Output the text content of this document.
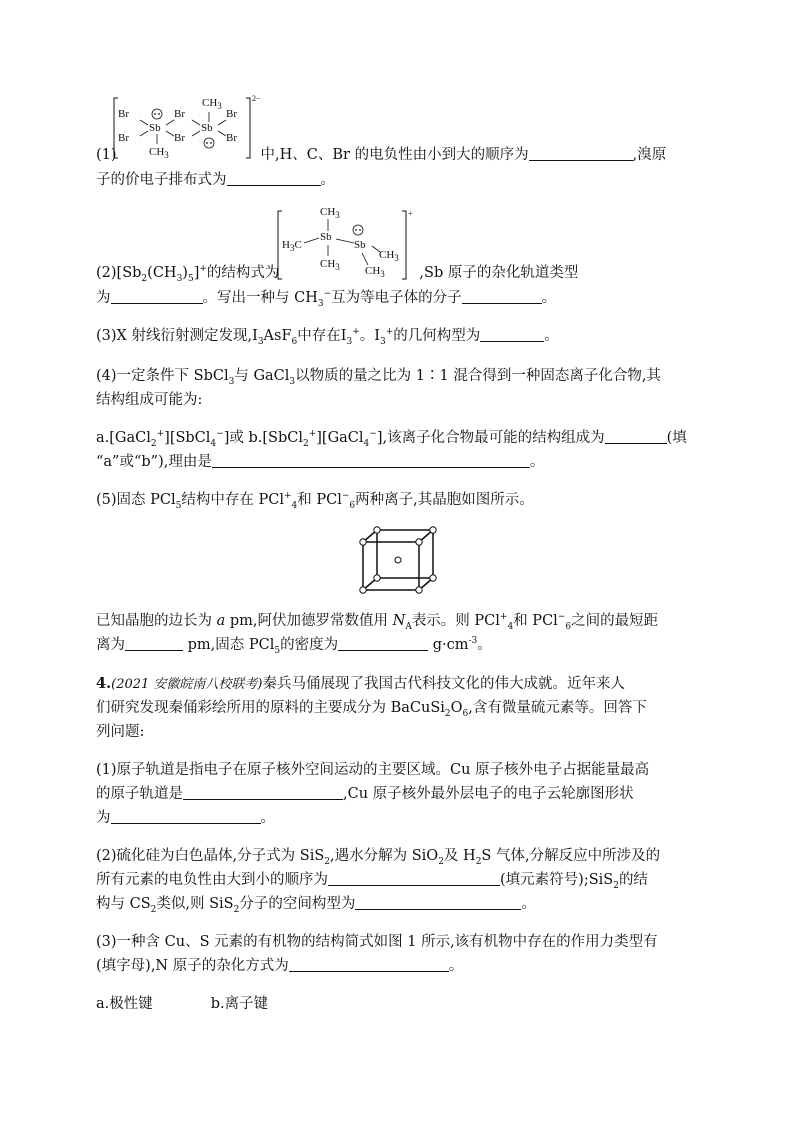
Br
Br
Sb
Br
Br
Sb
Br
Br
$CH_3$
$CH_3$
2−
(1)	中,H、C、Br 的电负性由小到大的顺序为	,溴原
子的价电子排布式为	。
$CH_3$
Sb
$H_3C$
$CH_3$
Sb
$CH_3$
$CH_3$
+
$(2)[Sb_2(CH_3)_5]^+$的结构式为	,Sb 原子的杂化轨道类型
为	。写出一种与 $CH_3^-$互为等电子体的分子	。
(3)X 射线衍射测定发现$,I_3AsF_6$中存在$I_3^+$。$I_3^+$的几何构型为	。
(4)一定条件下 SbCl$_3$与 GaCl$_3$以物质的量之比为 1∶1 混合得到一种固态离子化合物,其
结构组成可能为:
a.[GaCl$_2$+][SbCl$_4$−]或 b.[SbCl$_2$+][GaCl$_4$−],该离子化合物最可能的结构组成为	(填
“a”或“b”),理由是	。
(5)固态 PCl$_5$结构中存在 PCl+$_4$和 PCl−$_6$两种离子,其晶胞如图所示。
已知晶胞的边长为 a pm,阿伏加德罗常数值用 $N_A$表示。则 PCl+$_4$和 PCl−$_6$之间的最短距
离为	pm,固态 PCl$_5$的密度为	$g\cdot cm^{-3}$。
4.(2021 安徽皖南八校联考)秦兵马俑展现了我国古代科技文化的伟大成就。近年来人
们研究发现秦俑彩绘所用的原料的主要成分为 $BaCuSi_2O_6$,含有微量硫元素等。回答下
列问题:
(1)原子轨道是指电子在原子核外空间运动的主要区域。Cu 原子核外电子占据能量最高
的原子轨道是	,Cu 原子核外最外层电子的电子云轮廓图形状
为	。
(2)硫化硅为白色晶体,分子式为 SiS$_2$,遇水分解为 SiO$_2$及 $H_2S$ 气体,分解反应中所涉及的
所有元素的电负性由大到小的顺序为	(填元素符号);SiS$_2$的结
构与 $CS_2$类似,则 SiS$_2$分子的空间构型为	。
(3)一种含 Cu、S 元素的有机物的结构简式如图 1 所示,该有机物中存在的作用力类型有
(填字母),N 原子的杂化方式为	。
a.极性键	b.离子键
